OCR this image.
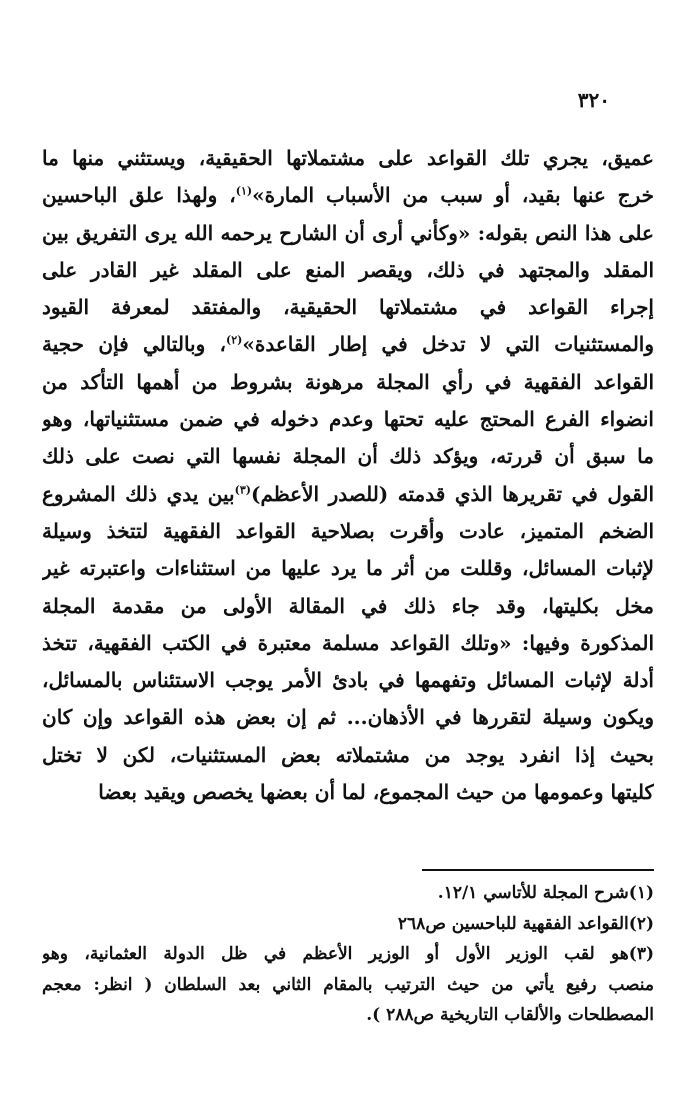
٣٢٠
عميق، يجري تلك القواعد على مشتملاتها الحقيقية، ويستثني منها ما
خرج عنها بقيد، أو سبب من الأسباب المارة»$^{(١)}$، ولهذا علق الباحسين
على هذا النص بقوله: «وكأني أرى أن الشارح يرحمه الله يرى التفريق بين
المقلد والمجتهد في ذلك، ويقصر المنع على المقلد غير القادر على
إجراء القواعد في مشتملاتها الحقيقية، والمفتقد لمعرفة القيود
والمستثنيات التي لا تدخل في إطار القاعدة»$^{(٢)}$، وبالتالي فإن حجية
القواعد الفقهية في رأي المجلة مرهونة بشروط من أهمها التأكد من
انضواء الفرع المحتج عليه تحتها وعدم دخوله في ضمن مستثنياتها، وهو
ما سبق أن قررته، ويؤكد ذلك أن المجلة نفسها التي نصت على ذلك
القول في تقريرها الذي قدمته (للصدر الأعظم)$^{(٣)}$بين يدي ذلك المشروع
الضخم المتميز، عادت وأقرت بصلاحية القواعد الفقهية لتتخذ وسيلة
لإثبات المسائل، وقللت من أثر ما يرد عليها من استثناءات واعتبرته غير
مخل بكليتها، وقد جاء ذلك في المقالة الأولى من مقدمة المجلة
المذكورة وفيها: «وتلك القواعد مسلمة معتبرة في الكتب الفقهية، تتخذ
أدلة لإثبات المسائل وتفهمها في بادئ الأمر يوجب الاستئناس بالمسائل،
ويكون وسيلة لتقررها في الأذهان... ثم إن بعض هذه القواعد وإن كان
بحيث إذا انفرد يوجد من مشتملاته بعض المستثنيات، لكن لا تختل
كليتها وعمومها من حيث المجموع، لما أن بعضها يخصص ويقيد بعضا
(١)شرح المجلة للأتاسي ١٢/١.
(٢)القواعد الفقهية للباحسين ص٢٦٨
(٣)هو لقب الوزير الأول أو الوزير الأعظم في ظل الدولة العثمانية، وهو
منصب رفيع يأتي من حيث الترتيب بالمقام الثاني بعد السلطان ( انظر: معجم
المصطلحات والألقاب التاريخية ص٢٨٨ ).
